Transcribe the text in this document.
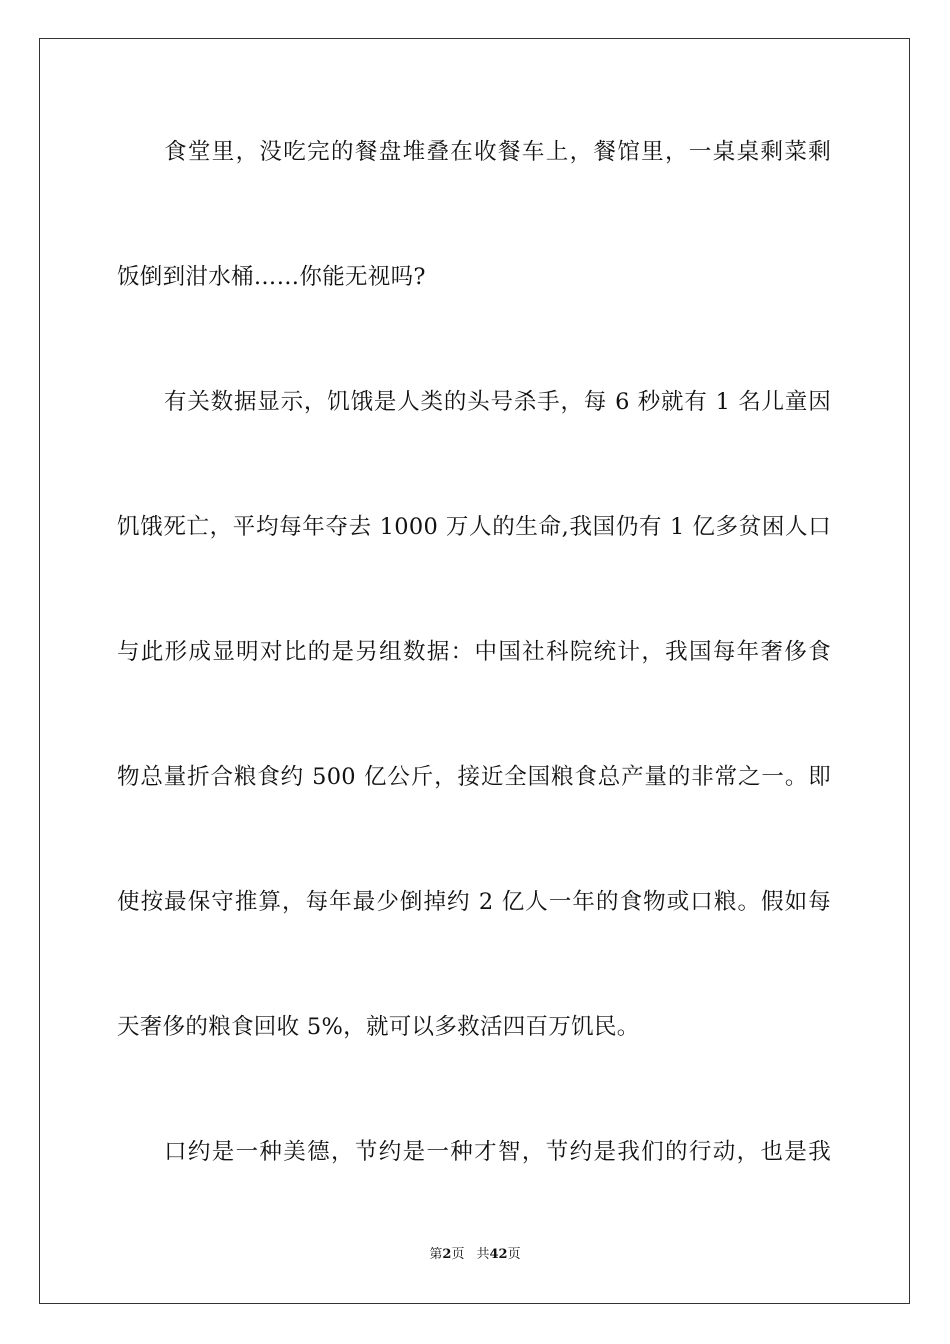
食堂里，没吃完的餐盘堆叠在收餐车上，餐馆里，一桌桌剩菜剩
饭倒到泔水桶……你能无视吗?
有关数据显示，饥饿是人类的头号杀手，每 6 秒就有 1 名儿童因
饥饿死亡，平均每年夺去 1000 万人的生命,我国仍有 1 亿多贫困人口
与此形成显明对比的是另组数据：中国社科院统计，我国每年奢侈食
物总量折合粮食约 500 亿公斤，接近全国粮食总产量的非常之一。即
使按最保守推算，每年最少倒掉约 2 亿人一年的食物或口粮。假如每
天奢侈的粮食回收 5%，就可以多救活四百万饥民。
口约是一种美德，节约是一种才智，节约是我们的行动，也是我
第2页 共42页
